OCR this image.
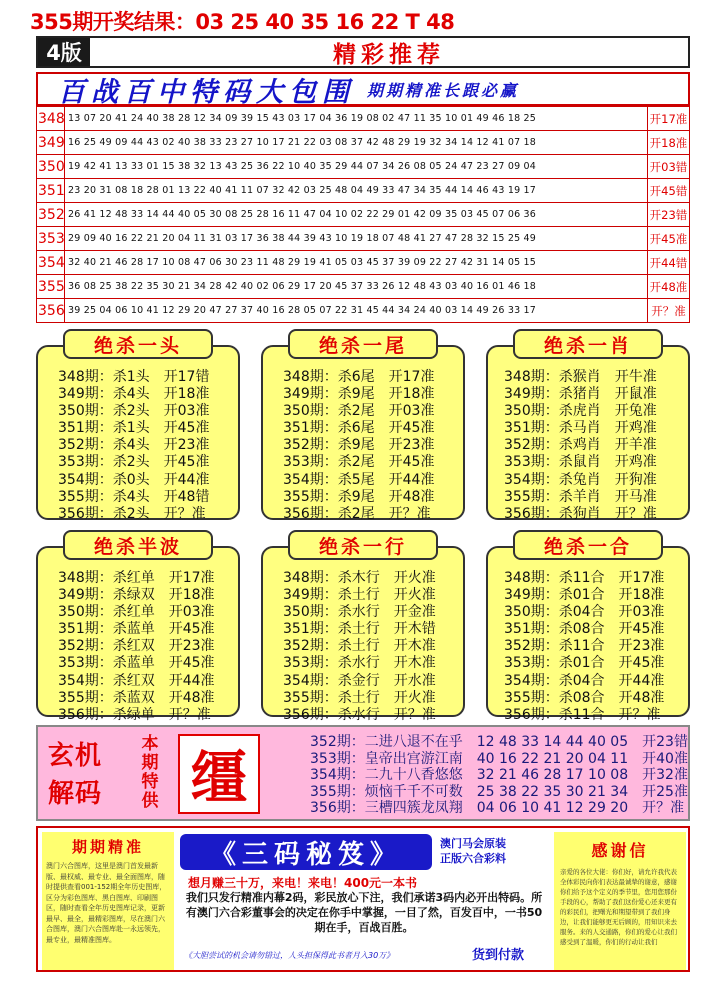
355期开奖结果：03 25 40 35 16 22 T 48
4版	精彩推荐
百战百中特码大包围 期期精准长跟必赢
348	13 07 20 41 24 40 38 28 12 34 09 39 15 43 03 17 04 36 19 08 02 47 11 35 10 01 49 46 18 25	开17准
349	16 25 49 09 44 43 02 40 38 33 23 27 10 17 21 22 03 08 37 42 48 29 19 32 34 14 12 41 07 18	开18准
350	19 42 41 13 33 01 15 38 32 13 43 25 36 22 10 40 35 29 44 07 34 26 08 05 24 47 23 27 09 04	开03错
351	23 20 31 08 18 28 01 13 22 40 41 11 07 32 42 03 25 48 04 49 33 47 34 35 44 14 46 43 19 17	开45错
352	26 41 12 48 33 14 44 40 05 30 08 25 28 16 11 47 04 10 02 22 29 01 42 09 35 03 45 07 06 36	开23错
353	29 09 40 16 22 21 20 04 11 31 03 17 36 38 44 39 43 10 19 18 07 48 41 27 47 28 32 15 25 49	开45准
354	32 40 21 46 28 17 10 08 47 06 30 23 11 48 29 19 41 05 03 45 37 39 09 22 27 42 31 14 05 15	开44错
355	36 08 25 38 22 35 30 21 34 28 42 40 02 06 29 17 20 45 37 33 26 12 48 43 03 40 16 01 46 18	开48准
356	39 25 04 06 10 41 12 29 20 47 27 37 40 16 28 05 07 22 31 45 44 34 24 40 03 14 49 26 33 17	开？准
348期：杀1头　开17错
349期：杀4头　开18准
350期：杀2头　开03准
351期：杀1头　开45准
352期：杀4头　开23准
353期：杀2头　开45准
354期：杀0头　开44准
355期：杀4头　开48错
356期：杀2头　开？准
绝杀一头
348期：杀6尾　开17准
349期：杀9尾　开18准
350期：杀2尾　开03准
351期：杀6尾　开45准
352期：杀9尾　开23准
353期：杀2尾　开45准
354期：杀5尾　开44准
355期：杀9尾　开48准
356期：杀2尾　开？准
绝杀一尾
348期：杀猴肖　开牛准
349期：杀猪肖　开鼠准
350期：杀虎肖　开兔准
351期：杀马肖　开鸡准
352期：杀鸡肖　开羊准
353期：杀鼠肖　开鸡准
354期：杀兔肖　开狗准
355期：杀羊肖　开马准
356期：杀狗肖　开？准
绝杀一肖
348期：杀红单　开17准
349期：杀绿双　开18准
350期：杀红单　开03准
351期：杀蓝单　开45准
352期：杀红双　开23准
353期：杀蓝单　开45准
354期：杀红双　开44准
355期：杀蓝双　开48准
356期：杀绿单　开？准
绝杀半波
348期：杀木行　开火准
349期：杀土行　开火准
350期：杀水行　开金准
351期：杀土行　开木错
352期：杀土行　开木准
353期：杀水行　开木准
354期：杀金行　开水准
355期：杀土行　开火准
356期：杀水行　开？准
绝杀一行
348期：杀11合　开17准
349期：杀01合　开18准
350期：杀04合　开03准
351期：杀08合　开45准
352期：杀11合　开23准
353期：杀01合　开45准
354期：杀04合　开44准
355期：杀08合　开48准
356期：杀11合　开？准
绝杀一合
玄机解码
本期特供 缰
352期：二进八退不在乎　12 48 33 14 44 40 05　开23错
353期：皇帝出宫游江南　40 16 22 21 20 04 11　开40准
354期：二九十八香悠悠　32 21 46 28 17 10 08　开32准
355期：烦恼千千不可数　25 38 22 35 30 21 34　开25准
356期：三槽四簇龙凤翔　04 06 10 41 12 29 20　开？准
期期精准
澳门六合图库，这里是澳门首发最新版、最权威、最专业、最全面图库，随时提供查看001-152期全年历史图库，区分为彩色图库、黑白图库、印刷图区，随时查看全年历史图库记录，更新最早、最全，最精彩图库，尽在澳门六合图库，澳门六合图库赴一永远领先，最专业，最精准图库。
《三码秘笈》	澳门马会原装
正版六合彩料
想月赚三十万，来电！来电！400元一本书
我们只发行精准内幕2码，彩民放心下注，我们承诺3码内必开出特码。所有澳门六合彩董事会的决定在你手中掌握，一目了然，百发百中，一书50期在手，百战百胜。
《大胆尝试的机会请勿错过，人头担保得此书者月入30万》	货到付款
感谢信
亲爱的各位大佬：你们好，请允许我代表全体彩民向你们表达最诚挚的谢意，感谢你们给予这个定义的季节里，您用您那份手段的心，帮助了我们这份爱心还来更有的彩民们，把曙光和期望带到了我们身边，让我们能够更无后顾的，用知识来去服务。来的人交通路，你们的爱心让我们感受到了温暖，你们的行动让我们
